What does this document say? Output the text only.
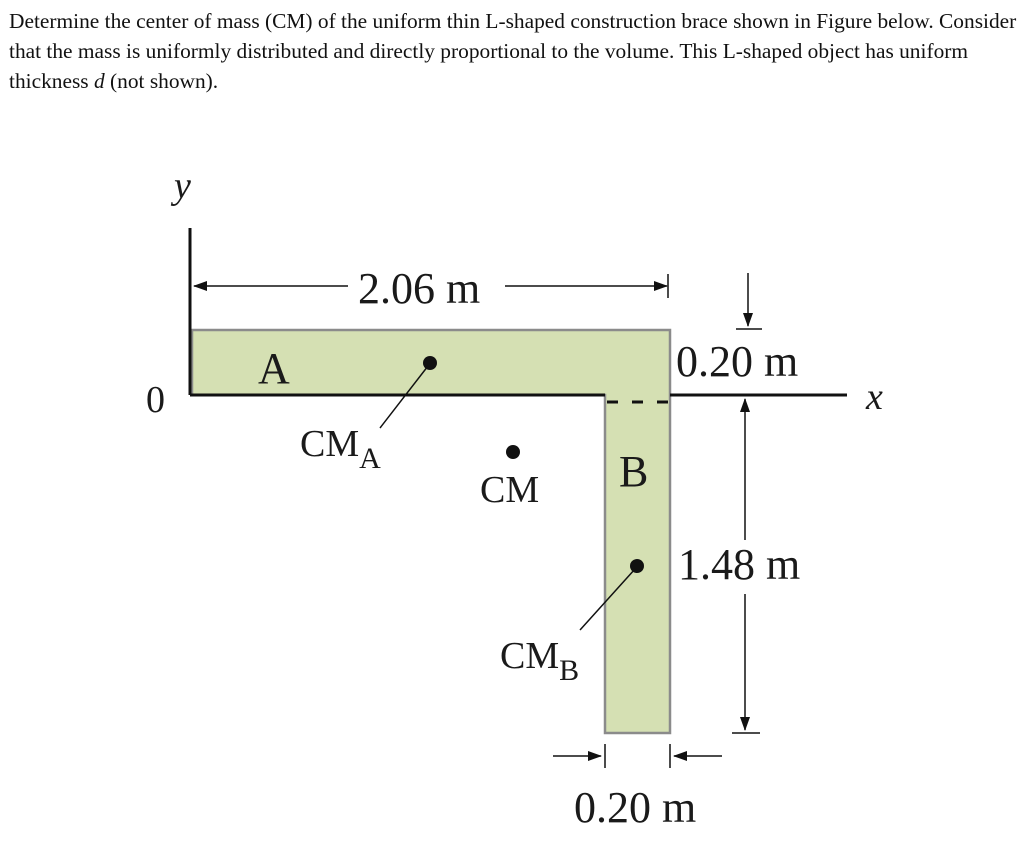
Determine the center of mass (CM) of the uniform thin L-shaped construction brace shown in Figure below. Consider that the mass is uniformly distributed and directly proportional to the volume. This L-shaped object has uniform thickness d (not shown).

y
x
0
A
B
$CM_A$
CM
$CM_B$
2.06 m
0.20 m
1.48 m
0.20 m
